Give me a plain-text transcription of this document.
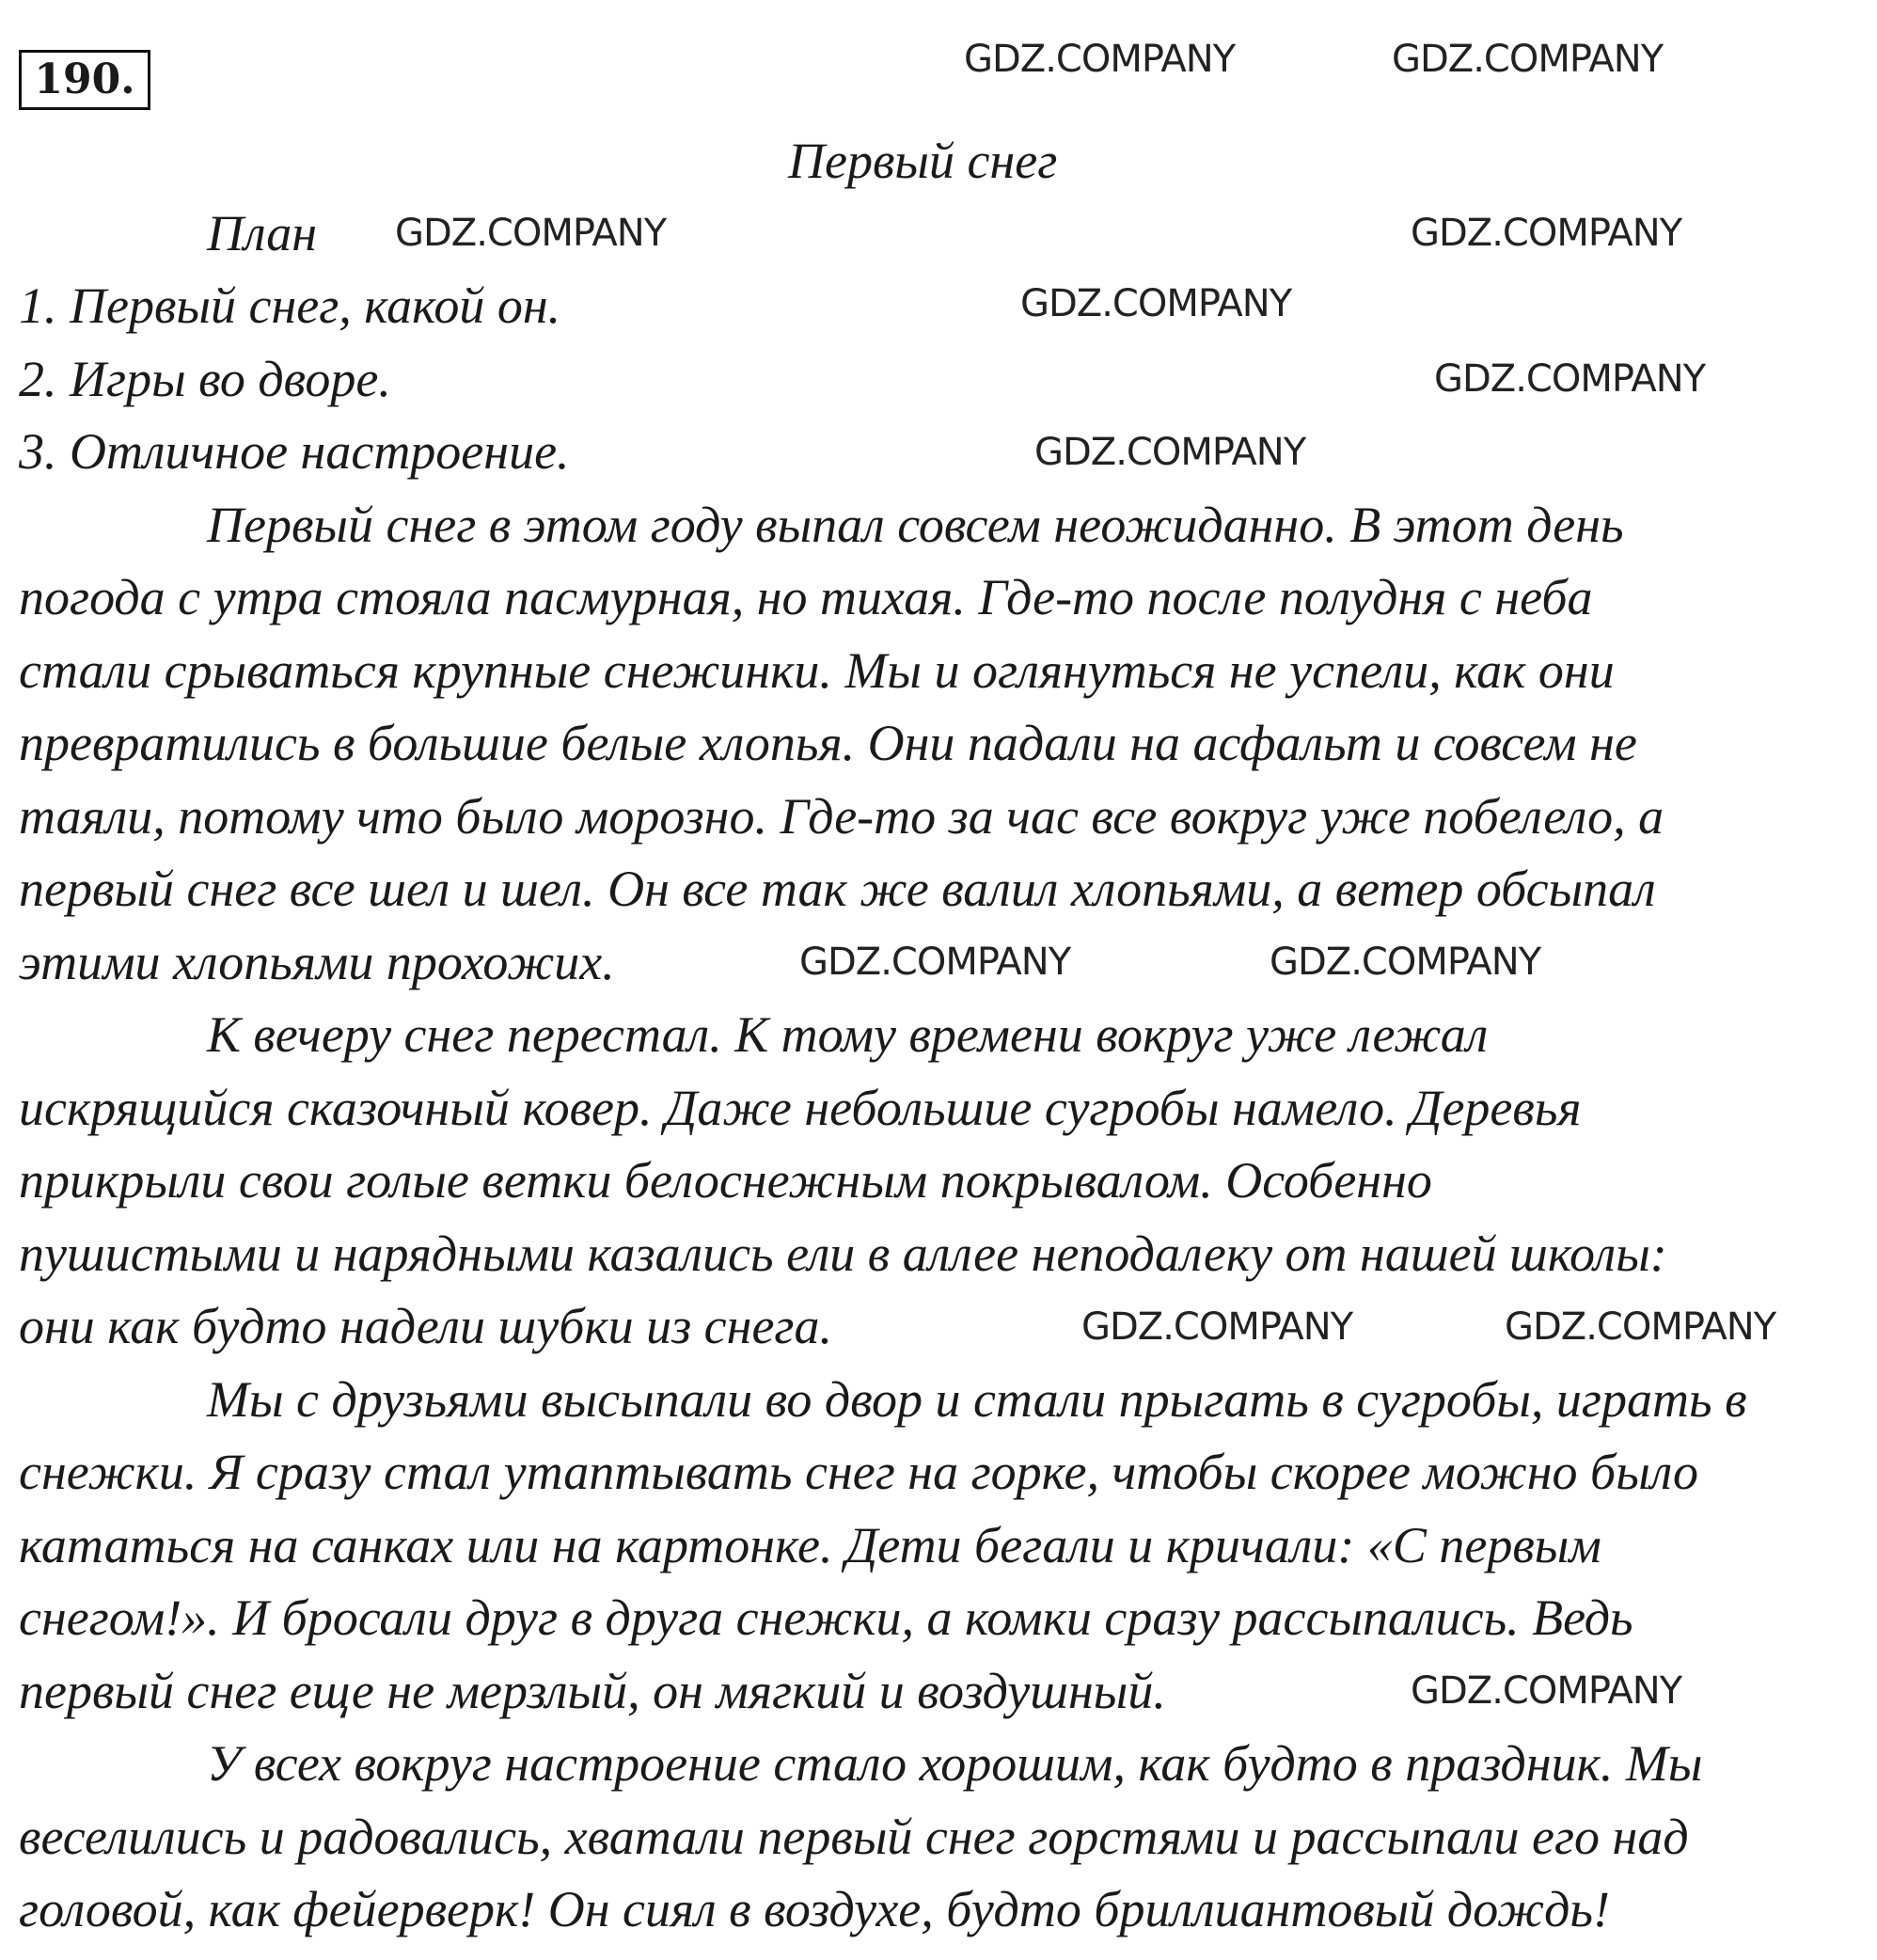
190.
Первый снег
План
1. Первый снег, какой он.
2. Игры во дворе.
3. Отличное настроение.
Первый снег в этом году выпал совсем неожиданно. В этот день
погода с утра стояла пасмурная, но тихая. Где-то после полудня с неба
стали срываться крупные снежинки. Мы и оглянуться не успели, как они
превратились в большие белые хлопья. Они падали на асфальт и совсем не
таяли, потому что было морозно. Где-то за час все вокруг уже побелело, а
первый снег все шел и шел. Он все так же валил хлопьями, а ветер обсыпал
этими хлопьями прохожих.
К вечеру снег перестал. К тому времени вокруг уже лежал
искрящийся сказочный ковер. Даже небольшие сугробы намело. Деревья
прикрыли свои голые ветки белоснежным покрывалом. Особенно
пушистыми и нарядными казались ели в аллее неподалеку от нашей школы:
они как будто надели шубки из снега.
Мы с друзьями высыпали во двор и стали прыгать в сугробы, играть в
снежки. Я сразу стал утаптывать снег на горке, чтобы скорее можно было
кататься на санках или на картонке. Дети бегали и кричали: «С первым
снегом!». И бросали друг в друга снежки, а комки сразу рассыпались. Ведь
первый снег еще не мерзлый, он мягкий и воздушный.
У всех вокруг настроение стало хорошим, как будто в праздник. Мы
веселились и радовались, хватали первый снег горстями и рассыпали его над
головой, как фейерверк! Он сиял в воздухе, будто бриллиантовый дождь!
GDZ.COMPANY	GDZ.COMPANY
GDZ.COMPANY	GDZ.COMPANY
GDZ.COMPANY
GDZ.COMPANY
GDZ.COMPANY
GDZ.COMPANY	GDZ.COMPANY
GDZ.COMPANY	GDZ.COMPANY
GDZ.COMPANY
